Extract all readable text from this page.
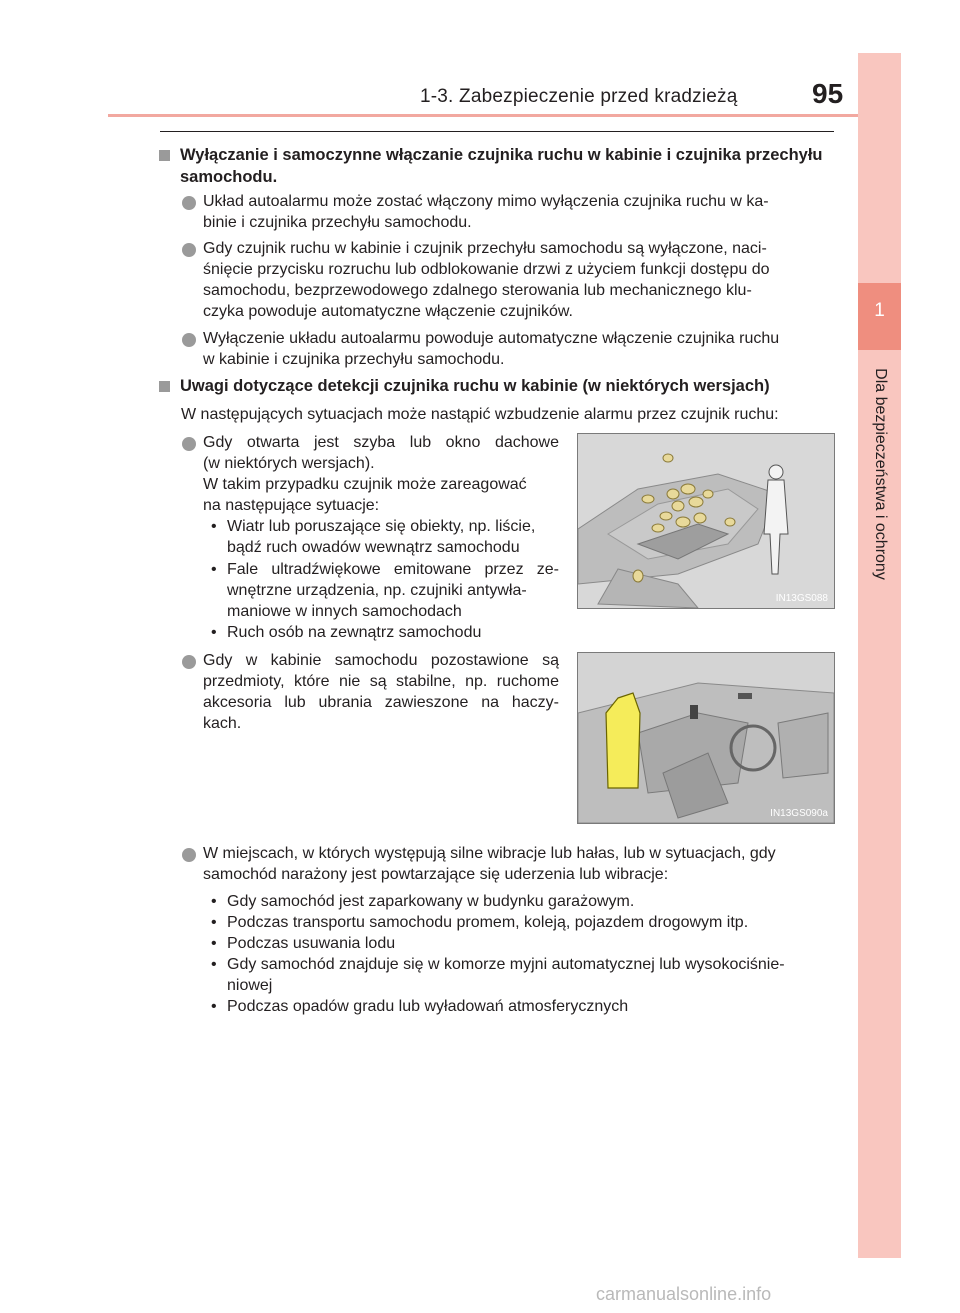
1-3. Zabezpieczenie przed kradzieżą	95
1
Dla bezpieczeństwa i ochrony
Wyłączanie i samoczynne włączanie czujnika ruchu w kabinie i czujnika przechyłu
samochodu.
Układ autoalarmu może zostać włączony mimo wyłączenia czujnika ruchu w ka-
binie i czujnika przechyłu samochodu.
Gdy czujnik ruchu w kabinie i czujnik przechyłu samochodu są wyłączone, naci-
śnięcie przycisku rozruchu lub odblokowanie drzwi z użyciem funkcji dostępu do
samochodu, bezprzewodowego zdalnego sterowania lub mechanicznego klu-
czyka powoduje automatyczne włączenie czujników.
Wyłączenie układu autoalarmu powoduje automatyczne włączenie czujnika ruchu
w kabinie i czujnika przechyłu samochodu.
Uwagi dotyczące detekcji czujnika ruchu w kabinie (w niektórych wersjach)
W następujących sytuacjach może nastąpić wzbudzenie alarmu przez czujnik ruchu:
Gdy otwarta jest szyba lub okno dachowe
(w niektórych wersjach).
W takim przypadku czujnik może zareagować
na następujące sytuacje:
• Wiatr lub poruszające się obiekty, np. liście,
bądź ruch owadów wewnątrz samochodu
• Fale ultradźwiękowe emitowane przez ze-
wnętrzne urządzenia, np. czujniki antywła-
maniowe w innych samochodach
• Ruch osób na zewnątrz samochodu
IN13GS088
Gdy w kabinie samochodu pozostawione są
przedmioty, które nie są stabilne, np. ruchome
akcesoria lub ubrania zawieszone na haczy-
kach.
IN13GS090a
W miejscach, w których występują silne wibracje lub hałas, lub w sytuacjach, gdy
samochód narażony jest powtarzające się uderzenia lub wibracje:
• Gdy samochód jest zaparkowany w budynku garażowym.
• Podczas transportu samochodu promem, koleją, pojazdem drogowym itp.
• Podczas usuwania lodu
• Gdy samochód znajduje się w komorze myjni automatycznej lub wysokociśnie-
niowej
• Podczas opadów gradu lub wyładowań atmosferycznych
carmanualsonline.info
